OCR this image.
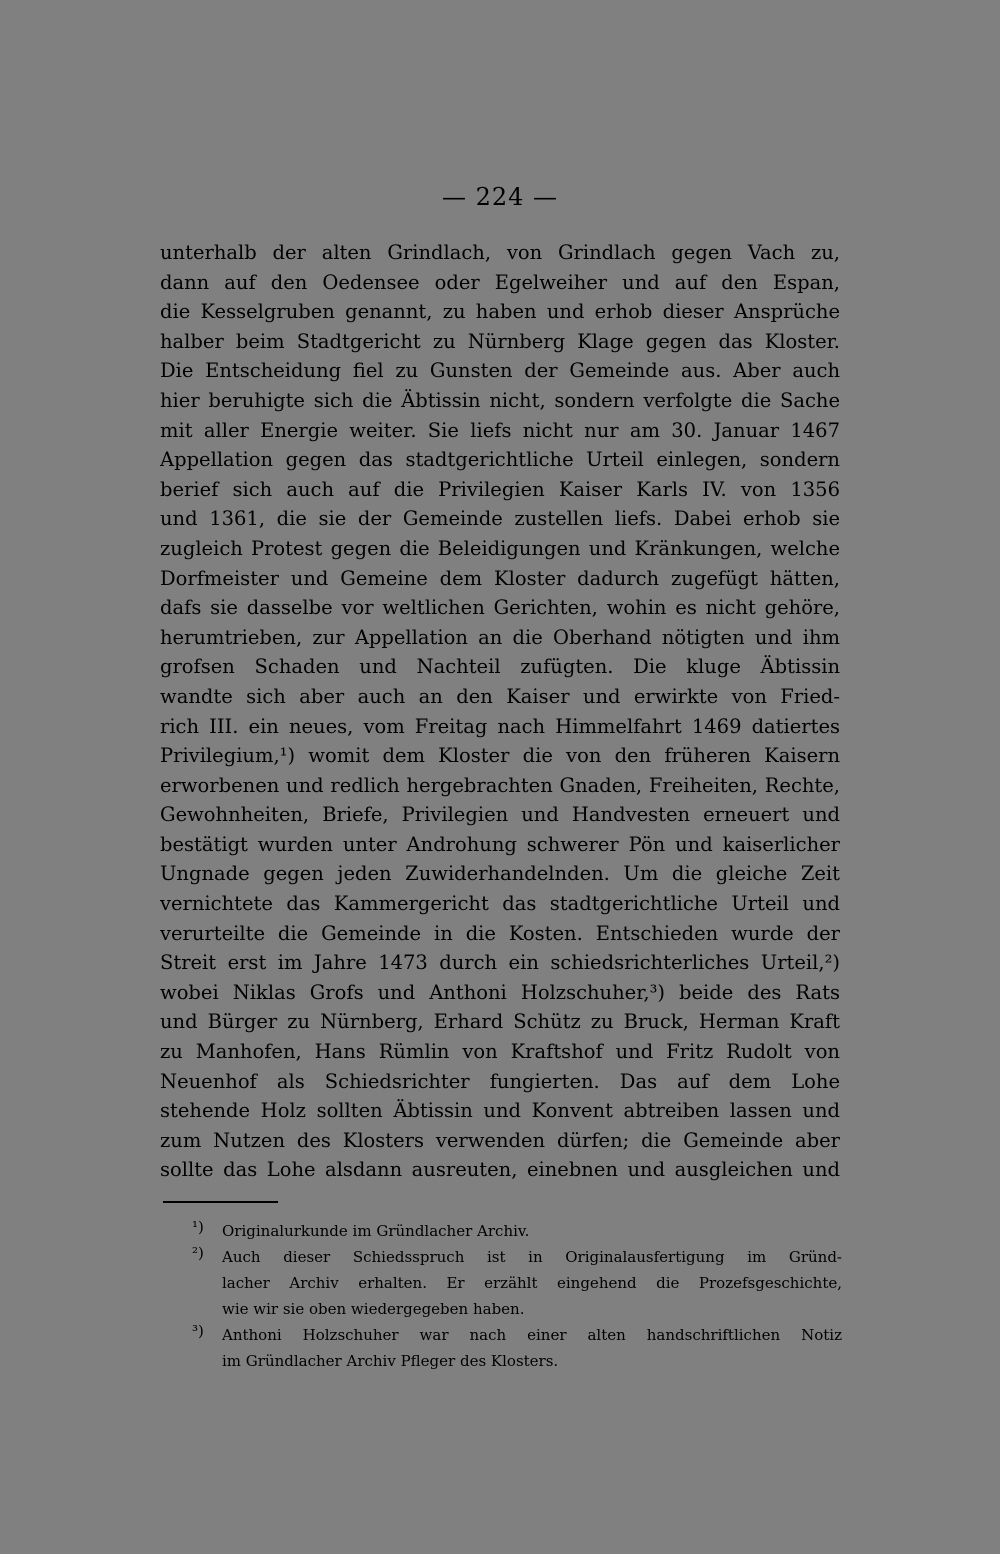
— 224 —
unterhalb der alten Grindlach, von Grindlach gegen Vach zu,
dann auf den Oedensee oder Egelweiher und auf den Espan,
die Kesselgruben genannt, zu haben und erhob dieser Ansprüche
halber beim Stadtgericht zu Nürnberg Klage gegen das Kloster.
Die Entscheidung fiel zu Gunsten der Gemeinde aus. Aber auch
hier beruhigte sich die Äbtissin nicht, sondern verfolgte die Sache
mit aller Energie weiter. Sie liefs nicht nur am 30. Januar 1467
Appellation gegen das stadtgerichtliche Urteil einlegen, sondern
berief sich auch auf die Privilegien Kaiser Karls IV. von 1356
und 1361, die sie der Gemeinde zustellen liefs. Dabei erhob sie
zugleich Protest gegen die Beleidigungen und Kränkungen, welche
Dorfmeister und Gemeine dem Kloster dadurch zugefügt hätten,
dafs sie dasselbe vor weltlichen Gerichten, wohin es nicht gehöre,
herumtrieben, zur Appellation an die Oberhand nötigten und ihm
grofsen Schaden und Nachteil zufügten. Die kluge Äbtissin
wandte sich aber auch an den Kaiser und erwirkte von Fried-
rich III. ein neues, vom Freitag nach Himmelfahrt 1469 datiertes
Privilegium,¹) womit dem Kloster die von den früheren Kaisern
erworbenen und redlich hergebrachten Gnaden, Freiheiten, Rechte,
Gewohnheiten, Briefe, Privilegien und Handvesten erneuert und
bestätigt wurden unter Androhung schwerer Pön und kaiserlicher
Ungnade gegen jeden Zuwiderhandelnden. Um die gleiche Zeit
vernichtete das Kammergericht das stadtgerichtliche Urteil und
verurteilte die Gemeinde in die Kosten. Entschieden wurde der
Streit erst im Jahre 1473 durch ein schiedsrichterliches Urteil,²)
wobei Niklas Grofs und Anthoni Holzschuher,³) beide des Rats
und Bürger zu Nürnberg, Erhard Schütz zu Bruck, Herman Kraft
zu Manhofen, Hans Rümlin von Kraftshof und Fritz Rudolt von
Neuenhof als Schiedsrichter fungierten. Das auf dem Lohe
stehende Holz sollten Äbtissin und Konvent abtreiben lassen und
zum Nutzen des Klosters verwenden dürfen; die Gemeinde aber
sollte das Lohe alsdann ausreuten, einebnen und ausgleichen und
¹) Originalurkunde im Gründlacher Archiv.
²) Auch dieser Schiedsspruch ist in Originalausfertigung im Gründ-
lacher Archiv erhalten. Er erzählt eingehend die Prozefsgeschichte,
wie wir sie oben wiedergegeben haben.
³) Anthoni Holzschuher war nach einer alten handschriftlichen Notiz
im Gründlacher Archiv Pfleger des Klosters.
